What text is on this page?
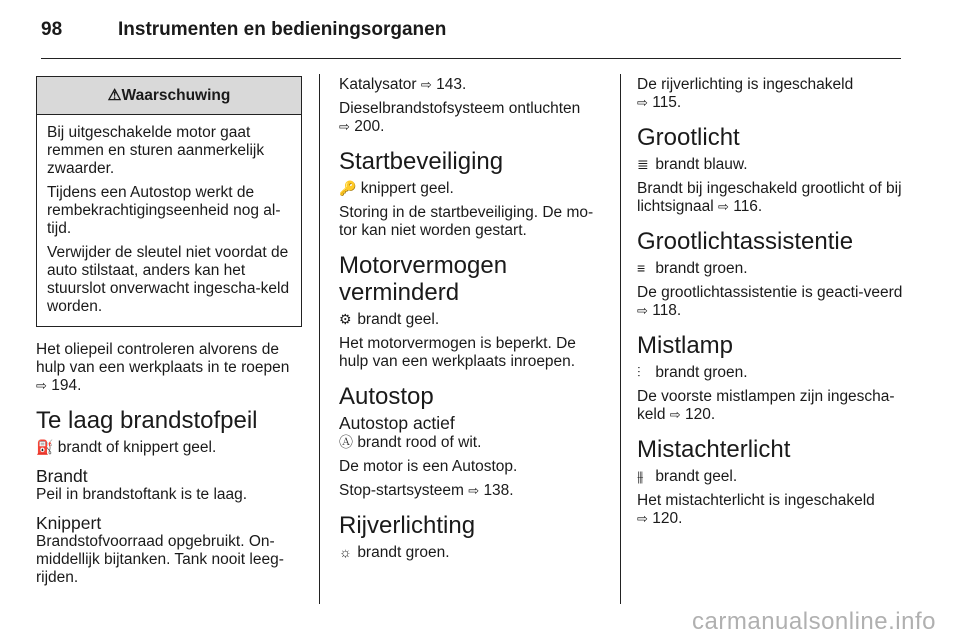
98	Instrumenten en bedieningsorganen
⚠Waarschuwing

Bij uitgeschakelde motor gaat remmen en sturen aanmerkelijk zwaarder.

Tijdens een Autostop werkt de rembekrachtigingseenheid nog al-tijd.

Verwijder de sleutel niet voordat de auto stilstaat, anders kan het stuurslot onverwacht ingescha-keld worden.

Het oliepeil controleren alvorens de hulp van een werkplaats in te roepen
⇨ 194.

Te laag brandstofpeil

⛽ brandt of knippert geel.

Brandt

Peil in brandstoftank is te laag.

Knippert

Brandstofvoorraad opgebruikt. On-middellijk bijtanken. Tank nooit leeg-rijden.

Katalysator ⇨ 143.

Dieselbrandstofsysteem ontluchten
⇨ 200.

Startbeveiliging

🔑 knippert geel.

Storing in de startbeveiliging. De mo-tor kan niet worden gestart.

Motorvermogen verminderd

⚙ brandt geel.

Het motorvermogen is beperkt. De hulp van een werkplaats inroepen.

Autostop
Autostop actief

Ⓐ brandt rood of wit.

De motor is een Autostop.

Stop-startsysteem ⇨ 138.

Rijverlichting

☼ brandt groen.

De rijverlichting is ingeschakeld
⇨ 115.

Grootlicht

≣ brandt blauw.

Brandt bij ingeschakeld grootlicht of bij lichtsignaal ⇨ 116.

Grootlichtassistentie

≡ brandt groen.

De grootlichtassistentie is geacti-veerd ⇨ 118.

Mistlamp

⫶ brandt groen.

De voorste mistlampen zijn ingescha-keld ⇨ 120.

Mistachterlicht

⫵ brandt geel.

Het mistachterlicht is ingeschakeld
⇨ 120.

carmanualsonline.info
